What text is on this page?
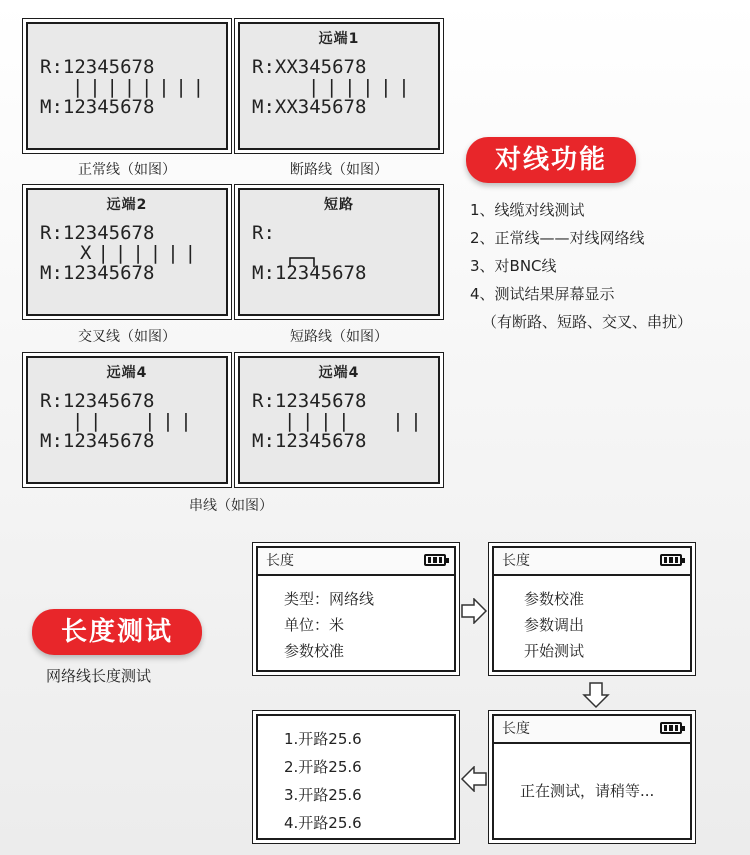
R:12345678
||||||||
M:12345678
正常线（如图）
远端1
R:XX345678
||||||
M:XX345678
断路线（如图）
远端2
R:12345678
X||||||
M:12345678
交叉线（如图）
短路
R:
M:12345678
短路线（如图）
远端4
R:12345678
||  |||
M:12345678
远端4
R:12345678
||||  ||
M:12345678
串线（如图）
对线功能
1、线缆对线测试
2、正常线——对线网络线
3、对BNC线
4、测试结果屏幕显示
（有断路、短路、交叉、串扰）
长度测试
网络线长度测试
长度
类型：网络线
单位：米
参数校准
长度
参数校准
参数调出
开始测试
长度
正在测试，请稍等...
1.开路25.6
2.开路25.6
3.开路25.6
4.开路25.6
